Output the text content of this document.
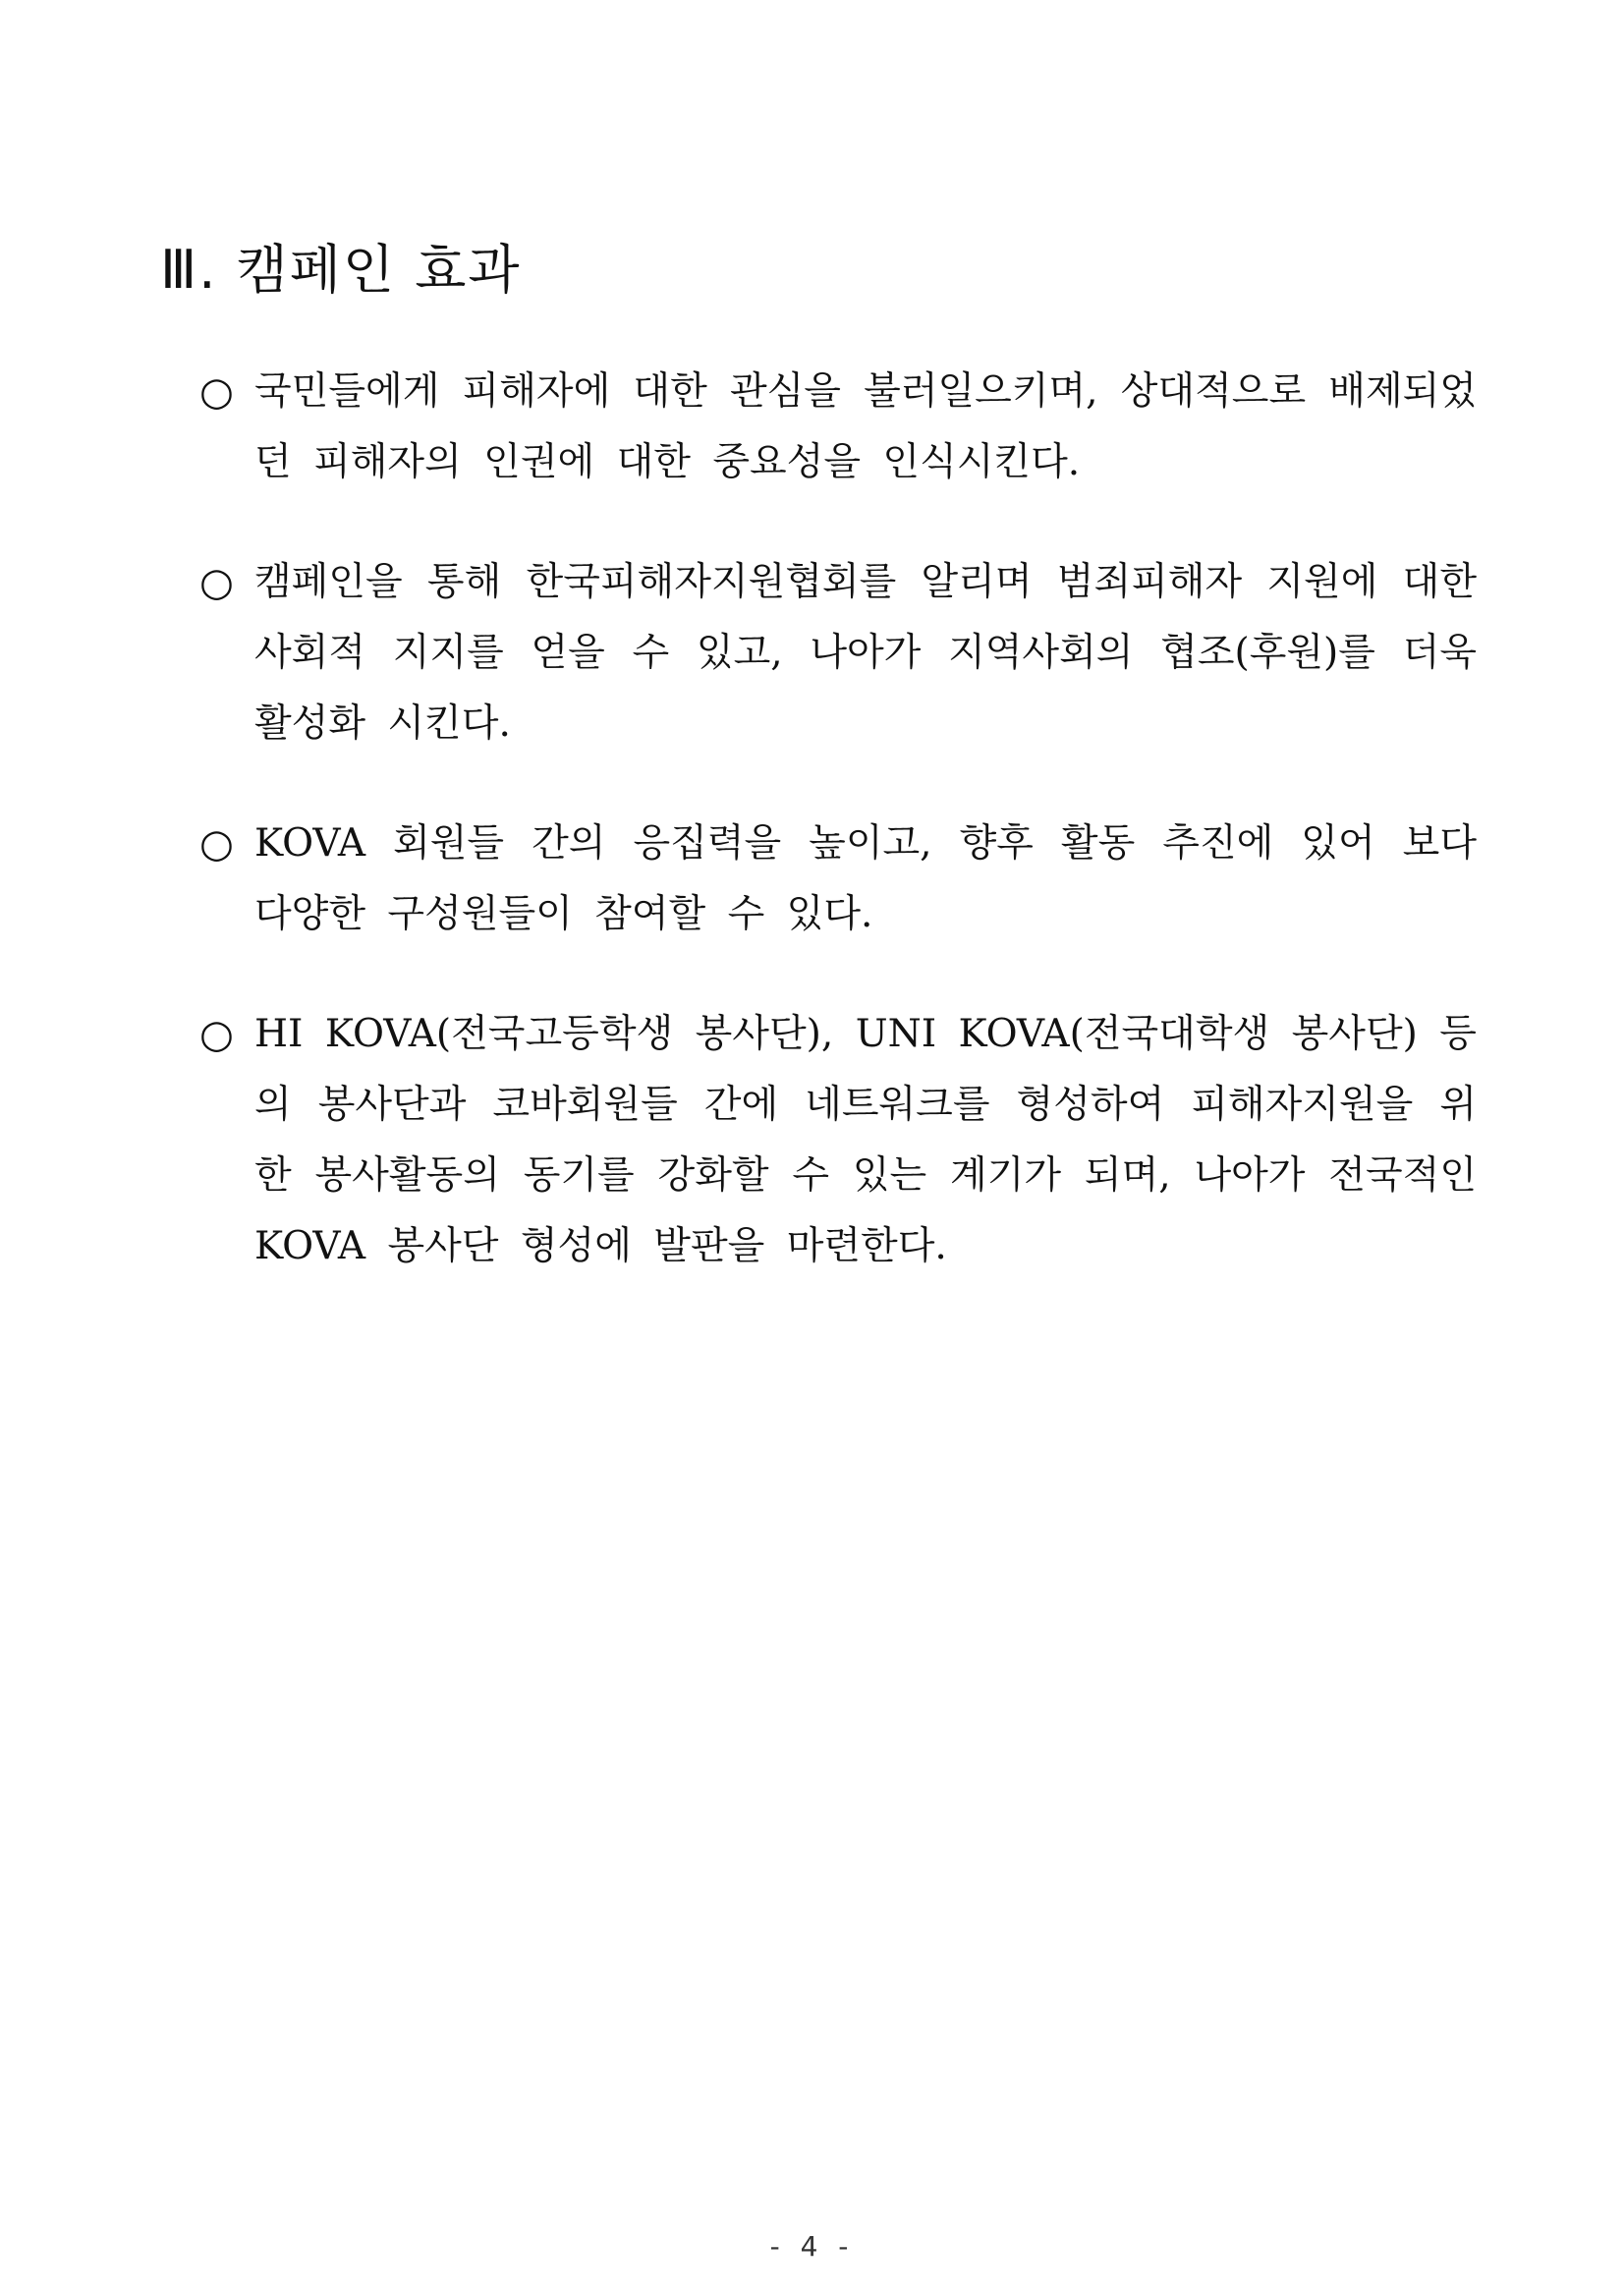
Ⅲ. 캠페인 효과
○ 국민들에게 피해자에 대한 관심을 불러일으키며, 상대적으로 배제되었던 피해자의 인권에 대한 중요성을 인식시킨다.

○ 캠페인을 통해 한국피해자지원협회를 알리며 범죄피해자 지원에 대한 사회적 지지를 얻을 수 있고, 나아가 지역사회의 협조(후원)를 더욱 활성화 시킨다.

○ KOVA 회원들 간의 응집력을 높이고, 향후 활동 추진에 있어 보다 다양한 구성원들이 참여할 수 있다.

○ HI KOVA(전국고등학생 봉사단), UNI KOVA(전국대학생 봉사단) 등의 봉사단과 코바회원들 간에 네트워크를 형성하여 피해자지원을 위한 봉사활동의 동기를 강화할 수 있는 계기가 되며, 나아가 전국적인 KOVA 봉사단 형성에 발판을 마련한다.

- 4 -
